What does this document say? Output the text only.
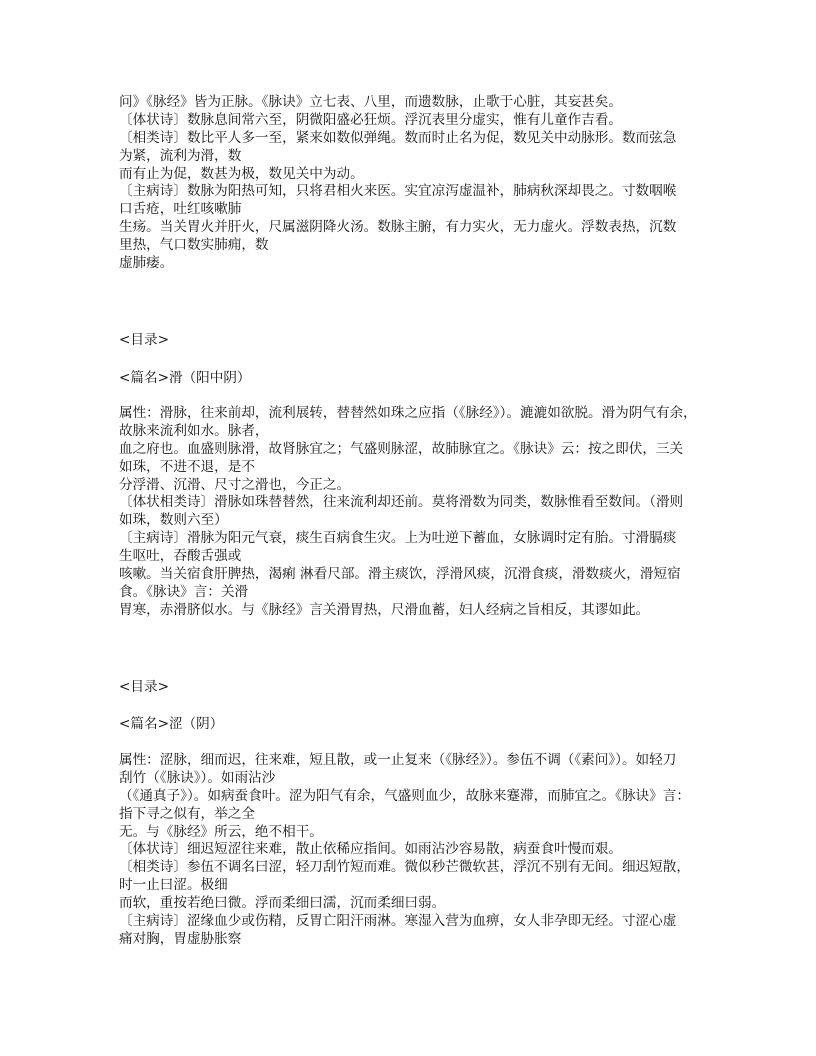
问》《脉经》皆为正脉。《脉诀》立七表、八里，而遗数脉，止歌于心脏，其妄甚矣。
〔体状诗〕数脉息间常六至，阴微阳盛必狂烦。浮沉表里分虚实，惟有儿童作吉看。
〔相类诗〕数比平人多一至，紧来如数似弹绳。数而时止名为促，数见关中动脉形。数而弦急
为紧，流利为滑，数
而有止为促，数甚为极，数见关中为动。
〔主病诗〕数脉为阳热可知，只将君相火来医。实宜凉泻虚温补，肺病秋深却畏之。寸数咽喉
口舌疮，吐红咳嗽肺
生疡。当关胃火并肝火，尺属滋阴降火汤。数脉主腑，有力实火，无力虚火。浮数表热，沉数
里热，气口数实肺痈，数
虚肺痿。
<目录>
<篇名>滑（阳中阴）
属性：滑脉，往来前却，流利展转，替替然如珠之应指（《脉经》）。漉漉如欲脱。滑为阴气有余，
故脉来流利如水。脉者，
血之府也。血盛则脉滑，故肾脉宜之；气盛则脉涩，故肺脉宜之。《脉诀》云：按之即伏，三关
如珠，不进不退，是不
分浮滑、沉滑、尺寸之滑也，今正之。
〔体状相类诗〕滑脉如珠替替然，往来流利却还前。莫将滑数为同类，数脉惟看至数间。（滑则
如珠，数则六至）
〔主病诗〕滑脉为阳元气衰，痰生百病食生灾。上为吐逆下蓄血，女脉调时定有胎。寸滑膈痰
生呕吐，吞酸舌强或
咳嗽。当关宿食肝脾热，渴痢 淋看尺部。滑主痰饮，浮滑风痰，沉滑食痰，滑数痰火，滑短宿
食。《脉诀》言：关滑
胃寒，赤滑脐似水。与《脉经》言关滑胃热，尺滑血蓄，妇人经病之旨相反，其谬如此。
<目录>
<篇名>涩（阴）
属性：涩脉，细而迟，往来难，短且散，或一止复来（《脉经》）。参伍不调（《素问》）。如轻刀
刮竹（《脉诀》）。如雨沾沙
（《通真子》）。如病蚕食叶。涩为阳气有余，气盛则血少，故脉来蹇滞，而肺宜之。《脉诀》言：
指下寻之似有，举之全
无。与《脉经》所云，绝不相干。
〔体状诗〕细迟短涩往来难，散止依稀应指间。如雨沾沙容易散，病蚕食叶慢而艰。
〔相类诗〕参伍不调名曰涩，轻刀刮竹短而难。微似秒芒微软甚，浮沉不别有无间。细迟短散，
时一止曰涩。极细
而软，重按若绝曰微。浮而柔细曰濡，沉而柔细曰弱。
〔主病诗〕涩缘血少或伤精，反胃亡阳汗雨淋。寒湿入营为血痹，女人非孕即无经。寸涩心虚
痛对胸，胃虚胁胀察
